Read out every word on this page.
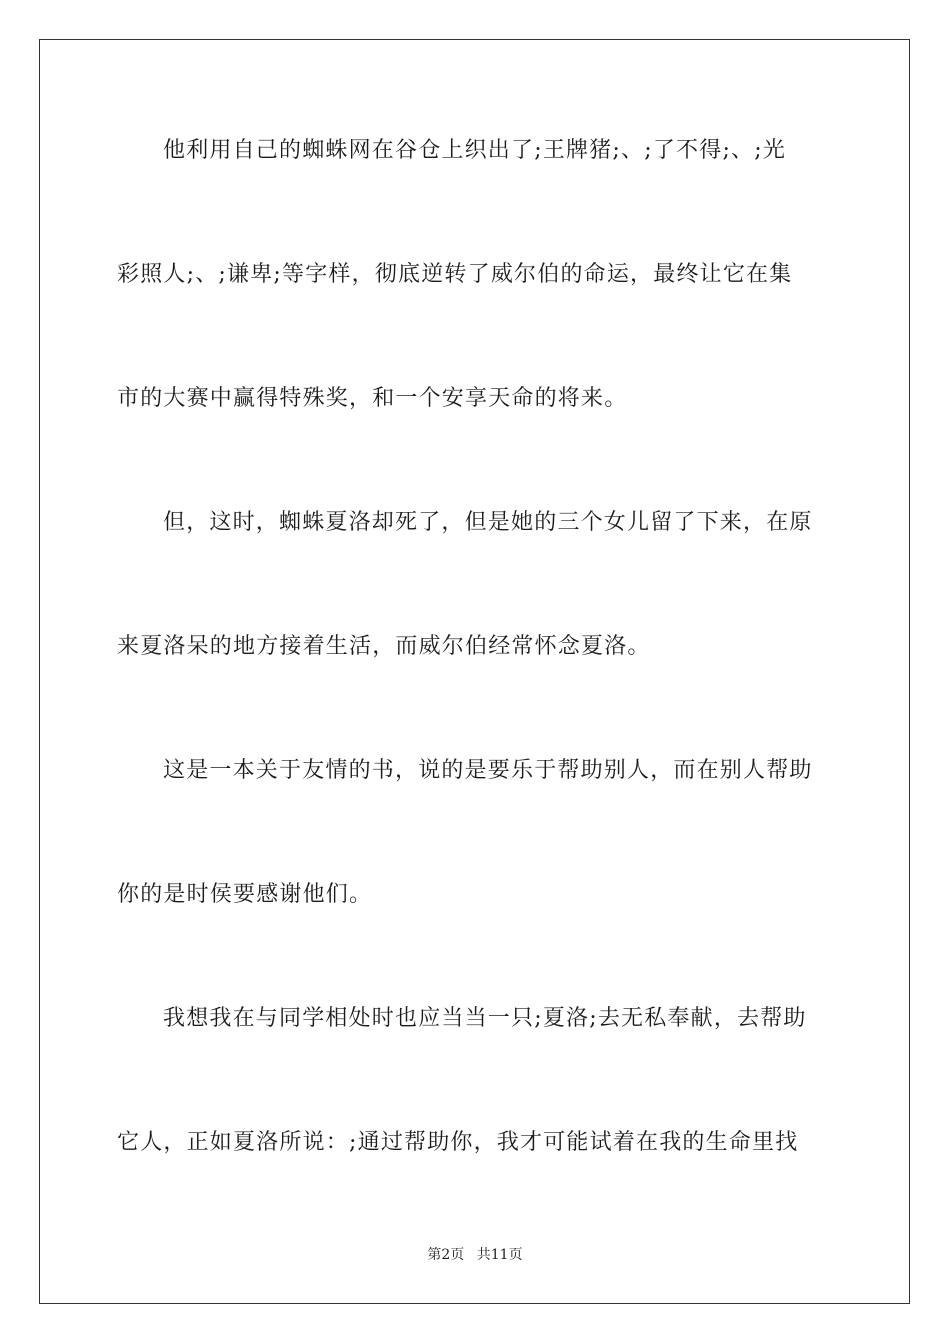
他利用自己的蜘蛛网在谷仓上织出了;王牌猪;、;了不得;、;光
彩照人;、;谦卑;等字样，彻底逆转了威尔伯的命运，最终让它在集
市的大赛中赢得特殊奖，和一个安享天命的将来。
但，这时，蜘蛛夏洛却死了，但是她的三个女儿留了下来，在原
来夏洛呆的地方接着生活，而威尔伯经常怀念夏洛。
这是一本关于友情的书，说的是要乐于帮助别人，而在别人帮助
你的是时侯要感谢他们。
我想我在与同学相处时也应当当一只;夏洛;去无私奉献，去帮助
它人，正如夏洛所说：;通过帮助你，我才可能试着在我的生命里找
第2页 共11页
